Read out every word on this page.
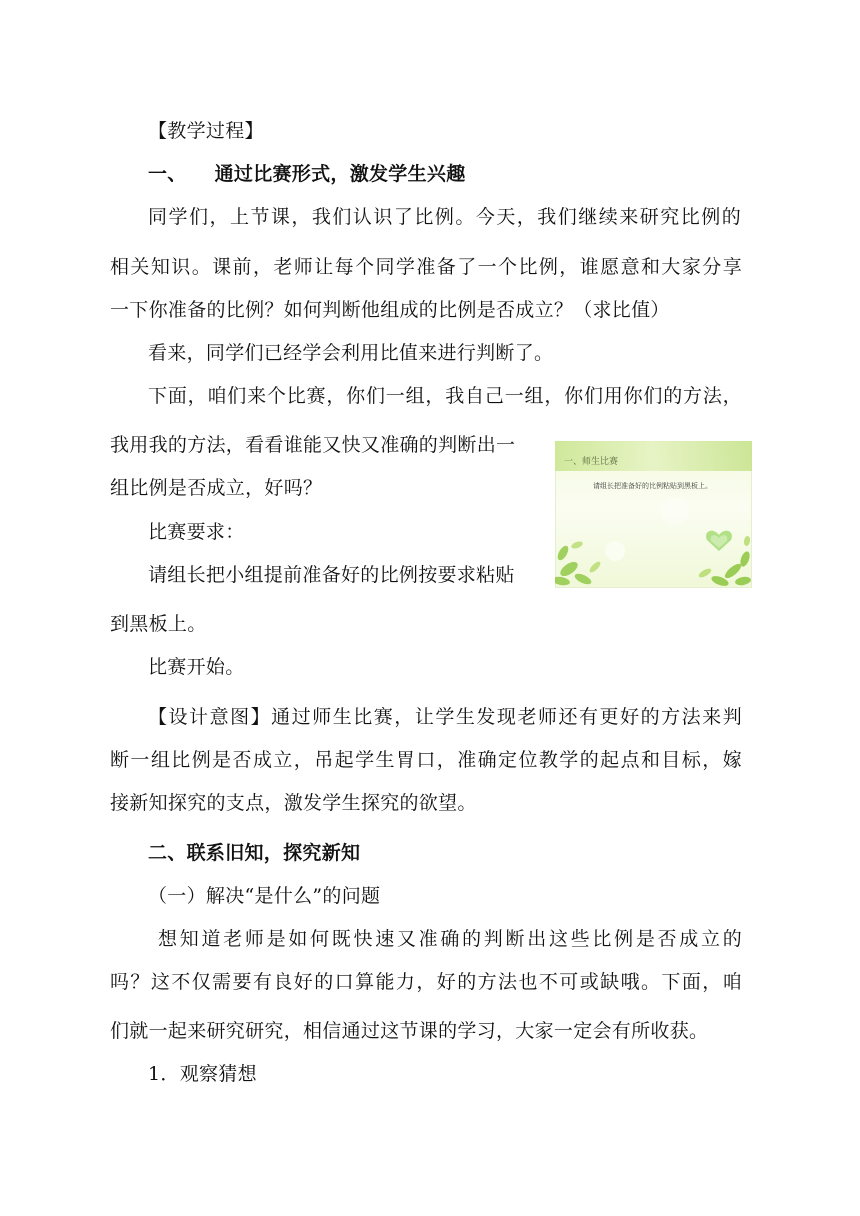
【教学过程】
一、 通过比赛形式，激发学生兴趣
同学们，上节课，我们认识了比例。今天，我们继续来研究比例的
相关知识。课前，老师让每个同学准备了一个比例，谁愿意和大家分享
一下你准备的比例？如何判断他组成的比例是否成立？（求比值）
看来，同学们已经学会利用比值来进行判断了。
下面，咱们来个比赛，你们一组，我自己一组，你们用你们的方法，
我用我的方法，看看谁能又快又准确的判断出一
组比例是否成立，好吗？
比赛要求：
请组长把小组提前准备好的比例按要求粘贴
到黑板上。
比赛开始。
【设计意图】通过师生比赛，让学生发现老师还有更好的方法来判
断一组比例是否成立，吊起学生胃口，准确定位教学的起点和目标，嫁
接新知探究的支点，激发学生探究的欲望。
二、联系旧知，探究新知
（一）解决“是什么”的问题
想知道老师是如何既快速又准确的判断出这些比例是否成立的
吗？这不仅需要有良好的口算能力，好的方法也不可或缺哦。下面，咱
们就一起来研究研究，相信通过这节课的学习，大家一定会有所收获。
1．观察猜想
一、师生比赛
请组长把准备好的比例粘贴到黑板上。
